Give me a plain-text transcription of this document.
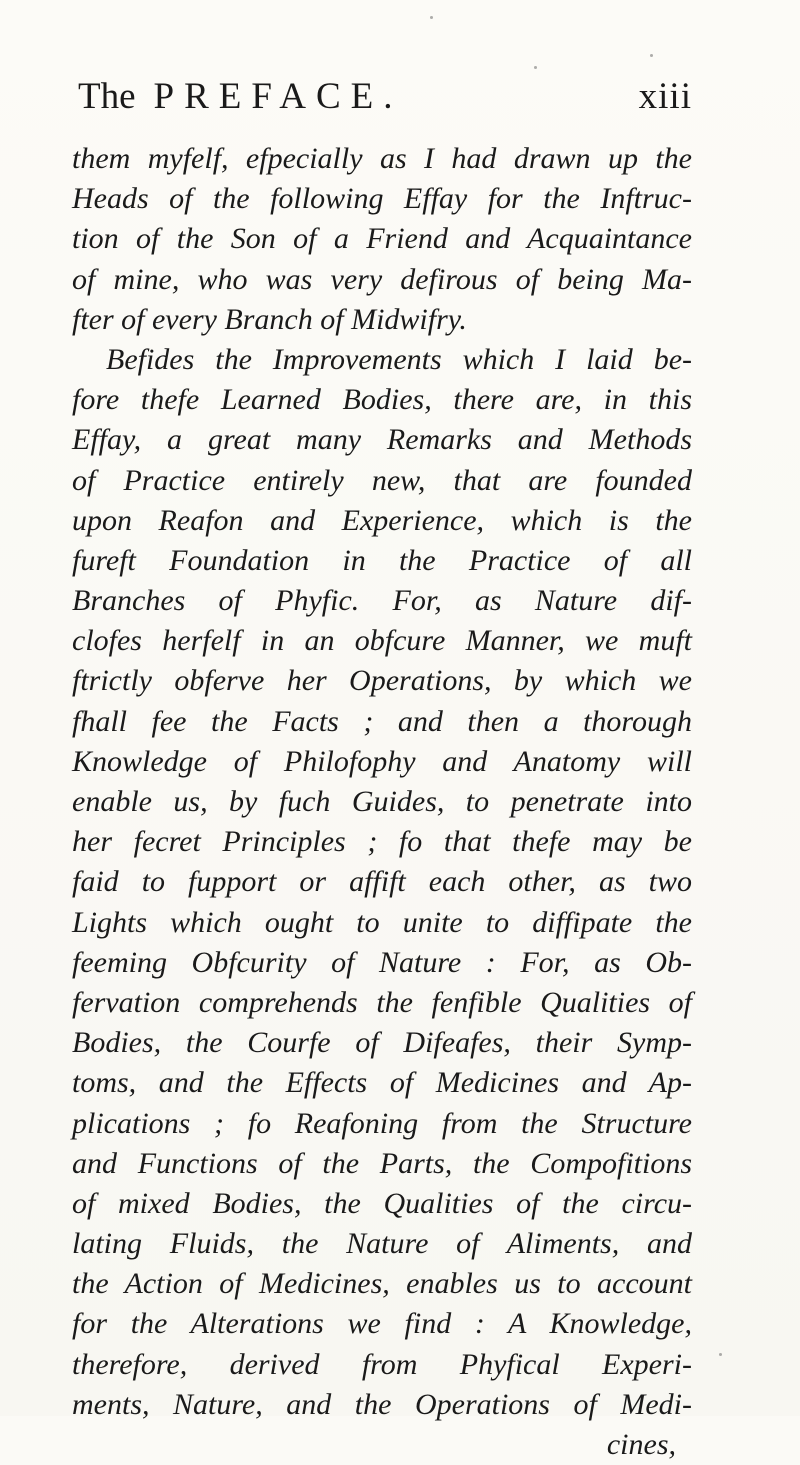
The PREFACE.	xiii
them myfelf, efpecially as I had drawn up the
Heads of the following Effay for the Inftruc-
tion of the Son of a Friend and Acquaintance
of mine, who was very defirous of being Ma-
fter of every Branch of Midwifry.
Befides the Improvements which I laid be-
fore thefe Learned Bodies, there are, in this
Effay, a great many Remarks and Methods
of Practice entirely new, that are founded
upon Reafon and Experience, which is the
fureft Foundation in the Practice of all
Branches of Phyfic. For, as Nature dif-
clofes herfelf in an obfcure Manner, we muft
ftrictly obferve her Operations, by which we
fhall fee the Facts ; and then a thorough
Knowledge of Philofophy and Anatomy will
enable us, by fuch Guides, to penetrate into
her fecret Principles ; fo that thefe may be
faid to fupport or affift each other, as two
Lights which ought to unite to diffipate the
feeming Obfcurity of Nature : For, as Ob-
fervation comprehends the fenfible Qualities of
Bodies, the Courfe of Difeafes, their Symp-
toms, and the Effects of Medicines and Ap-
plications ; fo Reafoning from the Structure
and Functions of the Parts, the Compofitions
of mixed Bodies, the Qualities of the circu-
lating Fluids, the Nature of Aliments, and
the Action of Medicines, enables us to account
for the Alterations we find : A Knowledge,
therefore, derived from Phyfical Experi-
ments, Nature, and the Operations of Medi-
cines,
